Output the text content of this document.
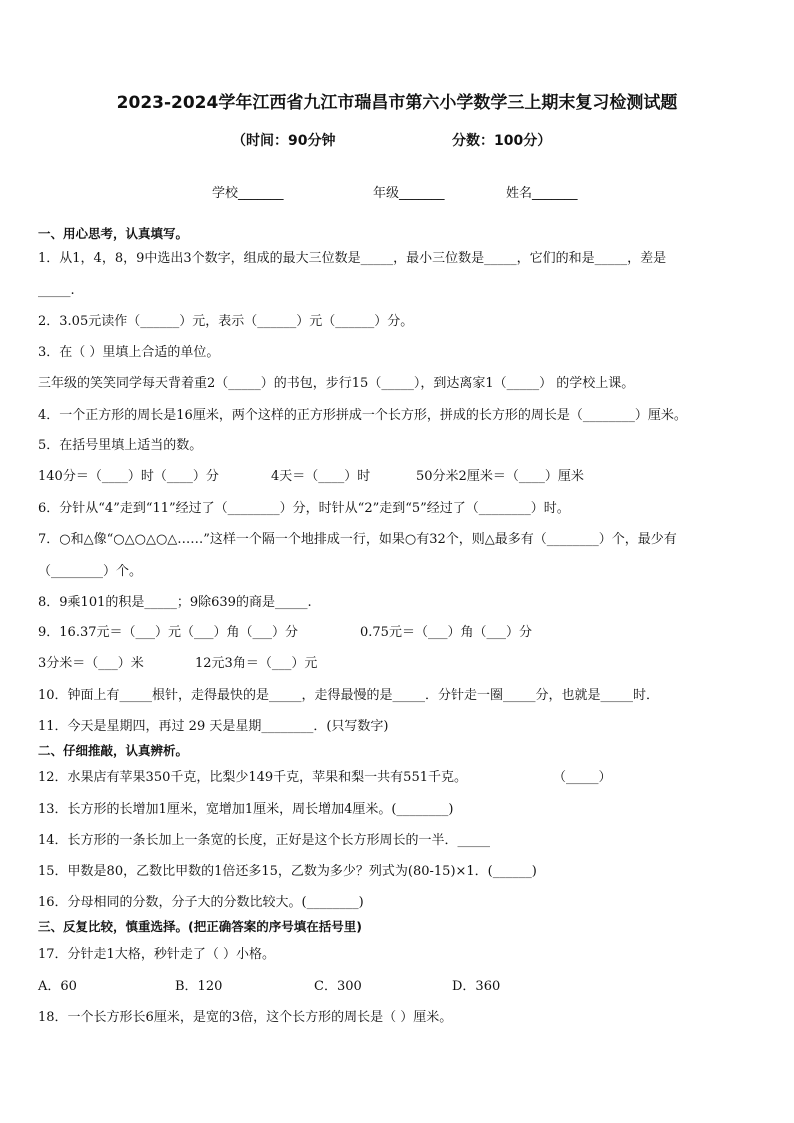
2023-2024学年江西省九江市瑞昌市第六小学数学三上期末复习检测试题
（时间：90分钟	分数：100分）
学校_______	年级_______	姓名_______
一、用心思考，认真填写。
1．从1，4，8，9中选出3个数字，组成的最大三位数是_____，最小三位数是_____，它们的和是_____，差是
_____.
2．3.05元读作（______）元，表示（______）元（______）分。
3．在（ ）里填上合适的单位。
三年级的笑笑同学每天背着重2（_____）的书包，步行15（_____），到达离家1（_____） 的学校上课。
4．一个正方形的周长是16厘米，两个这样的正方形拼成一个长方形，拼成的长方形的周长是（________）厘米。
5．在括号里填上适当的数。
140分＝（____）时（____）分	4天＝（____）时	50分米2厘米＝（____）厘米
6．分针从“4”走到“11”经过了（________）分，时针从“2”走到“5”经过了（________）时。
7．○和△像“○△○△○△……”这样一个隔一个地排成一行，如果○有32个，则△最多有（________）个，最少有
（________）个。
8．9乘101的积是_____；9除639的商是_____.
9．16.37元＝（___）元（___）角（___）分	0.75元＝（___）角（___）分
3分米＝（___）米	12元3角＝（___）元
10．钟面上有_____根针，走得最快的是_____，走得最慢的是_____．分针走一圈_____分，也就是_____时．
11．今天是星期四，再过 29 天是星期________．(只写数字)
二、仔细推敲，认真辨析。
12．水果店有苹果350千克，比梨少149千克，苹果和梨一共有551千克。	（_____）
13．长方形的长增加1厘米，宽增加1厘米，周长增加4厘米。(________)
14．长方形的一条长加上一条宽的长度，正好是这个长方形周长的一半．_____
15．甲数是80，乙数比甲数的1倍还多15，乙数为多少？列式为(80-15)×1．(______)
16．分母相同的分数，分子大的分数比较大。(________)
三、反复比较，慎重选择。(把正确答案的序号填在括号里)
17．分针走1大格，秒针走了（ ）小格。
A．60	B．120	C．300	D．360
18．一个长方形长6厘米，是宽的3倍，这个长方形的周长是（ ）厘米。
